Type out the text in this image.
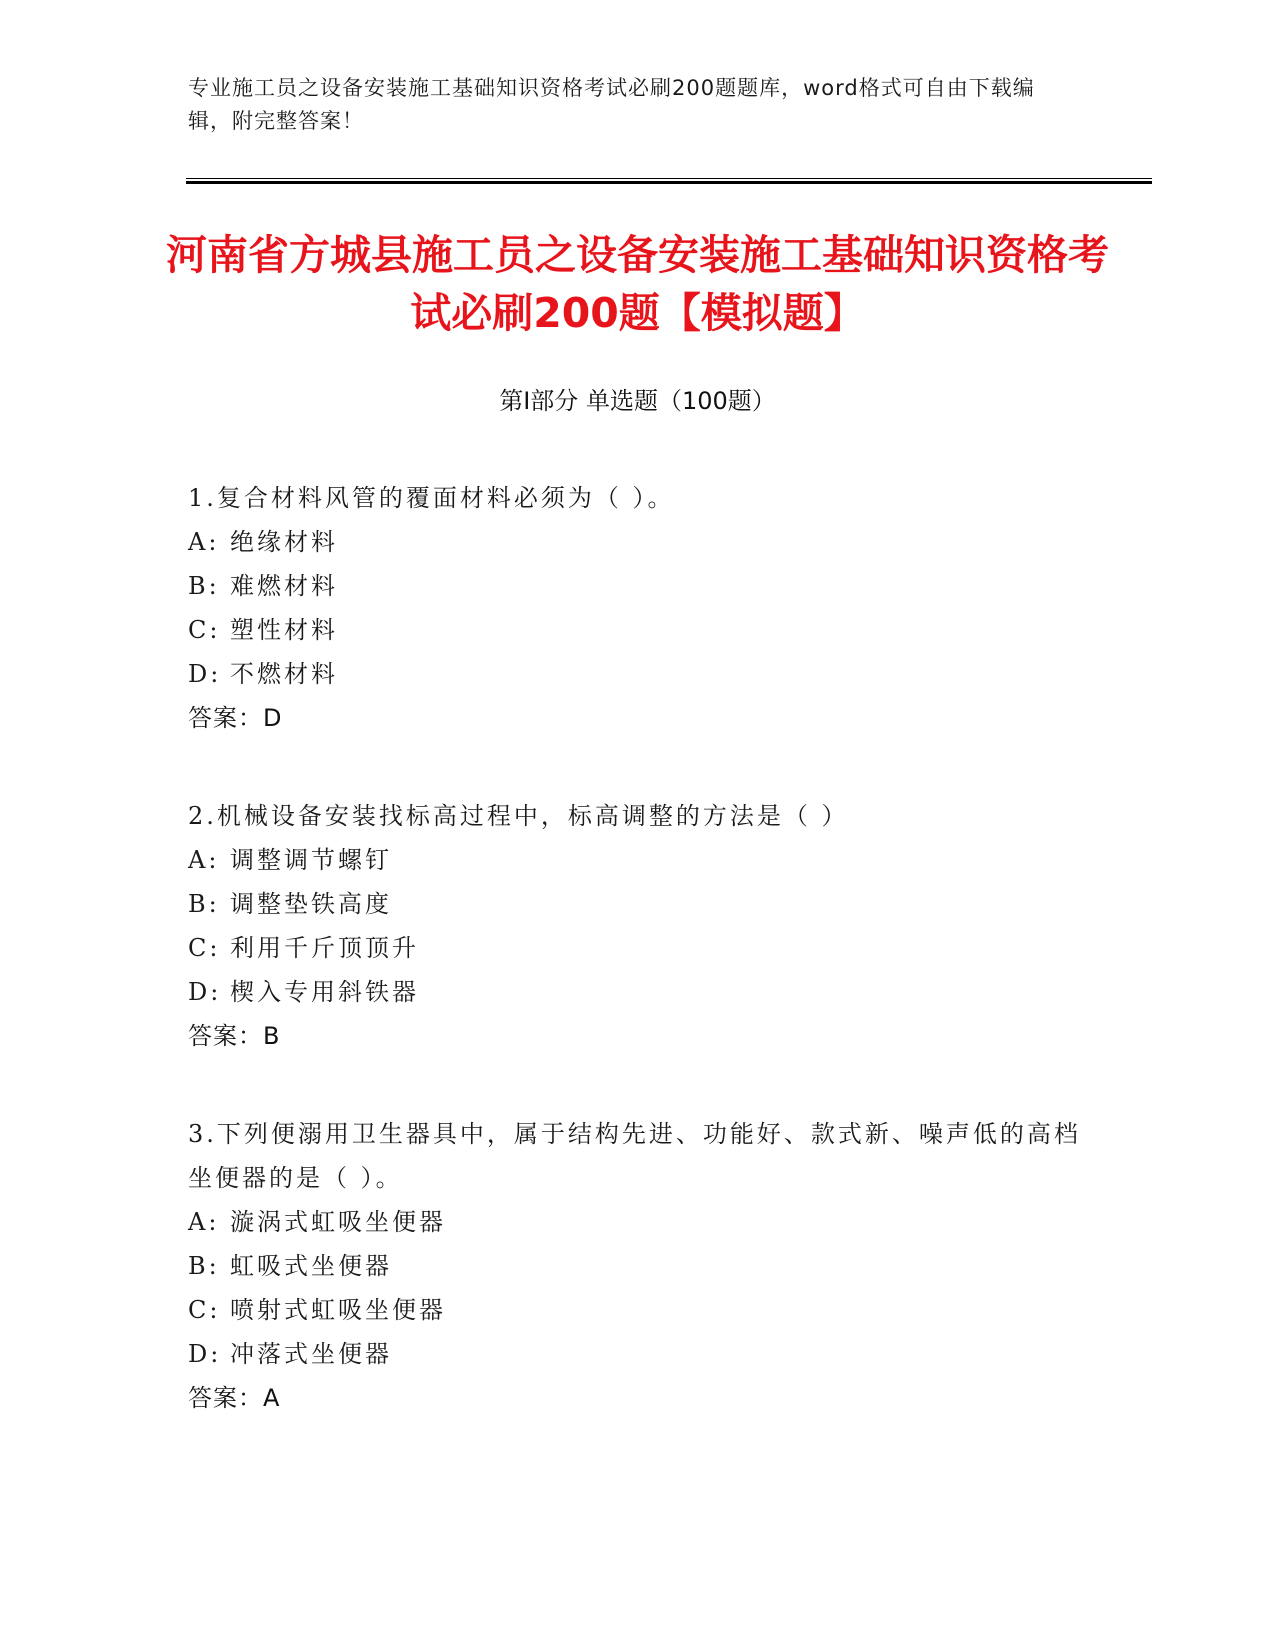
专业施工员之设备安装施工基础知识资格考试必刷200题题库，word格式可自由下载编辑，附完整答案！
河南省方城县施工员之设备安装施工基础知识资格考试必刷200题【模拟题】
第Ⅰ部分 单选题（100题）
1.复合材料风管的覆面材料必须为（ ）。
A: 绝缘材料
B: 难燃材料
C: 塑性材料
D: 不燃材料
答案：D
2.机械设备安装找标高过程中，标高调整的方法是（ ）
A: 调整调节螺钉
B: 调整垫铁高度
C: 利用千斤顶顶升
D: 楔入专用斜铁器
答案：B
3.下列便溺用卫生器具中，属于结构先进、功能好、款式新、噪声低的高档坐便器的是（ ）。
A: 漩涡式虹吸坐便器
B: 虹吸式坐便器
C: 喷射式虹吸坐便器
D: 冲落式坐便器
答案：A
